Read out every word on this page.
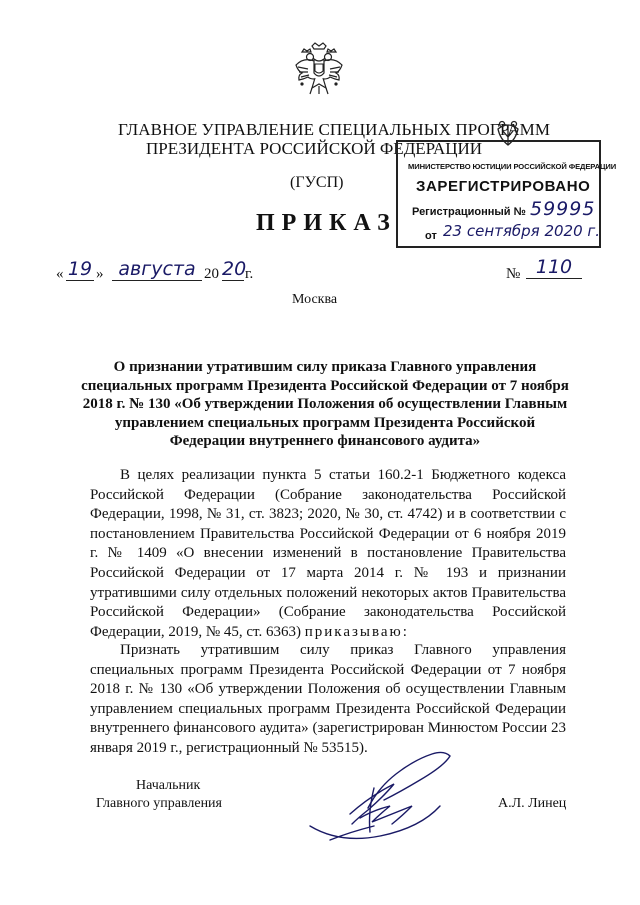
ГЛАВНОЕ УПРАВЛЕНИЕ СПЕЦИАЛЬНЫХ ПРОГРАММ
ПРЕЗИДЕНТА РОССИЙСКОЙ ФЕДЕРАЦИИ
(ГУСП)
ПРИКАЗ
МИНИСТЕРСТВО ЮСТИЦИИ РОССИЙСКОЙ ФЕДЕРАЦИИ
ЗАРЕГИСТРИРОВАНО
Регистрационный № 59995
от 23 сентября 2020 г.
« 19 » августа 20 20
г.	№ 110
Москва
О признании утратившим силу приказа Главного управления специальных программ Президента Российской Федерации от 7 ноября 2018 г. № 130 «Об утверждении Положения об осуществлении Главным управлением специальных программ Президента Российской Федерации внутреннего финансового аудита»
В целях реализации пункта 5 статьи 160.2-1 Бюджетного кодекса Российской Федерации (Собрание законодательства Российской Федерации, 1998, № 31, ст. 3823; 2020, № 30, ст. 4742) и в соответствии с постановлением Правительства Российской Федерации от 6 ноября 2019 г. № 1409 «О внесении изменений в постановление Правительства Российской Федерации от 17 марта 2014 г. № 193 и признании утратившими силу отдельных положений некоторых актов Правительства Российской Федерации» (Собрание законодательства Российской Федерации, 2019, № 45, ст. 6363) приказываю:
Признать утратившим силу приказ Главного управления специальных программ Президента Российской Федерации от 7 ноября 2018 г. № 130 «Об утверждении Положения об осуществлении Главным управлением специальных программ Президента Российской Федерации внутреннего финансового аудита» (зарегистрирован Минюстом России 23 января 2019 г., регистрационный № 53515).
Начальник
Главного управления	А.Л. Линец
